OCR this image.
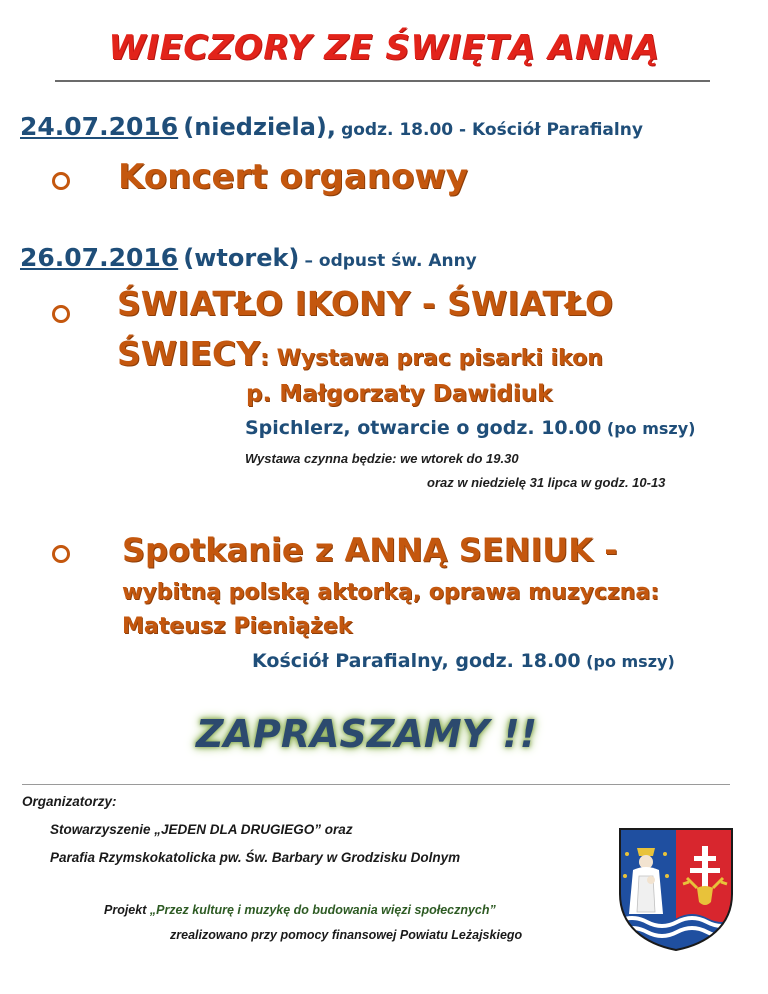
WIECZORY ZE ŚWIĘTĄ ANNĄ
24.07.2016 (niedziela), godz. 18.00 - Kościół Parafialny
Koncert organowy
26.07.2016 (wtorek) – odpust św. Anny
ŚWIATŁO IKONY - ŚWIATŁO
ŚWIECY: Wystawa prac pisarki ikon
p. Małgorzaty Dawidiuk
Spichlerz, otwarcie o godz. 10.00 (po mszy)
Wystawa czynna będzie: we wtorek do 19.30
oraz w niedzielę 31 lipca w godz. 10-13
Spotkanie z ANNĄ SENIUK -
wybitną polską aktorką, oprawa muzyczna:
Mateusz Pieniążek
Kościół Parafialny, godz. 18.00 (po mszy)
ZAPRASZAMY !!
Organizatorzy:
Stowarzyszenie „JEDEN DLA DRUGIEGO” oraz
Parafia Rzymskokatolicka pw. Św. Barbary w Grodzisku Dolnym
Projekt „Przez kulturę i muzykę do budowania więzi społecznych”
zrealizowano przy pomocy finansowej Powiatu Leżajskiego
